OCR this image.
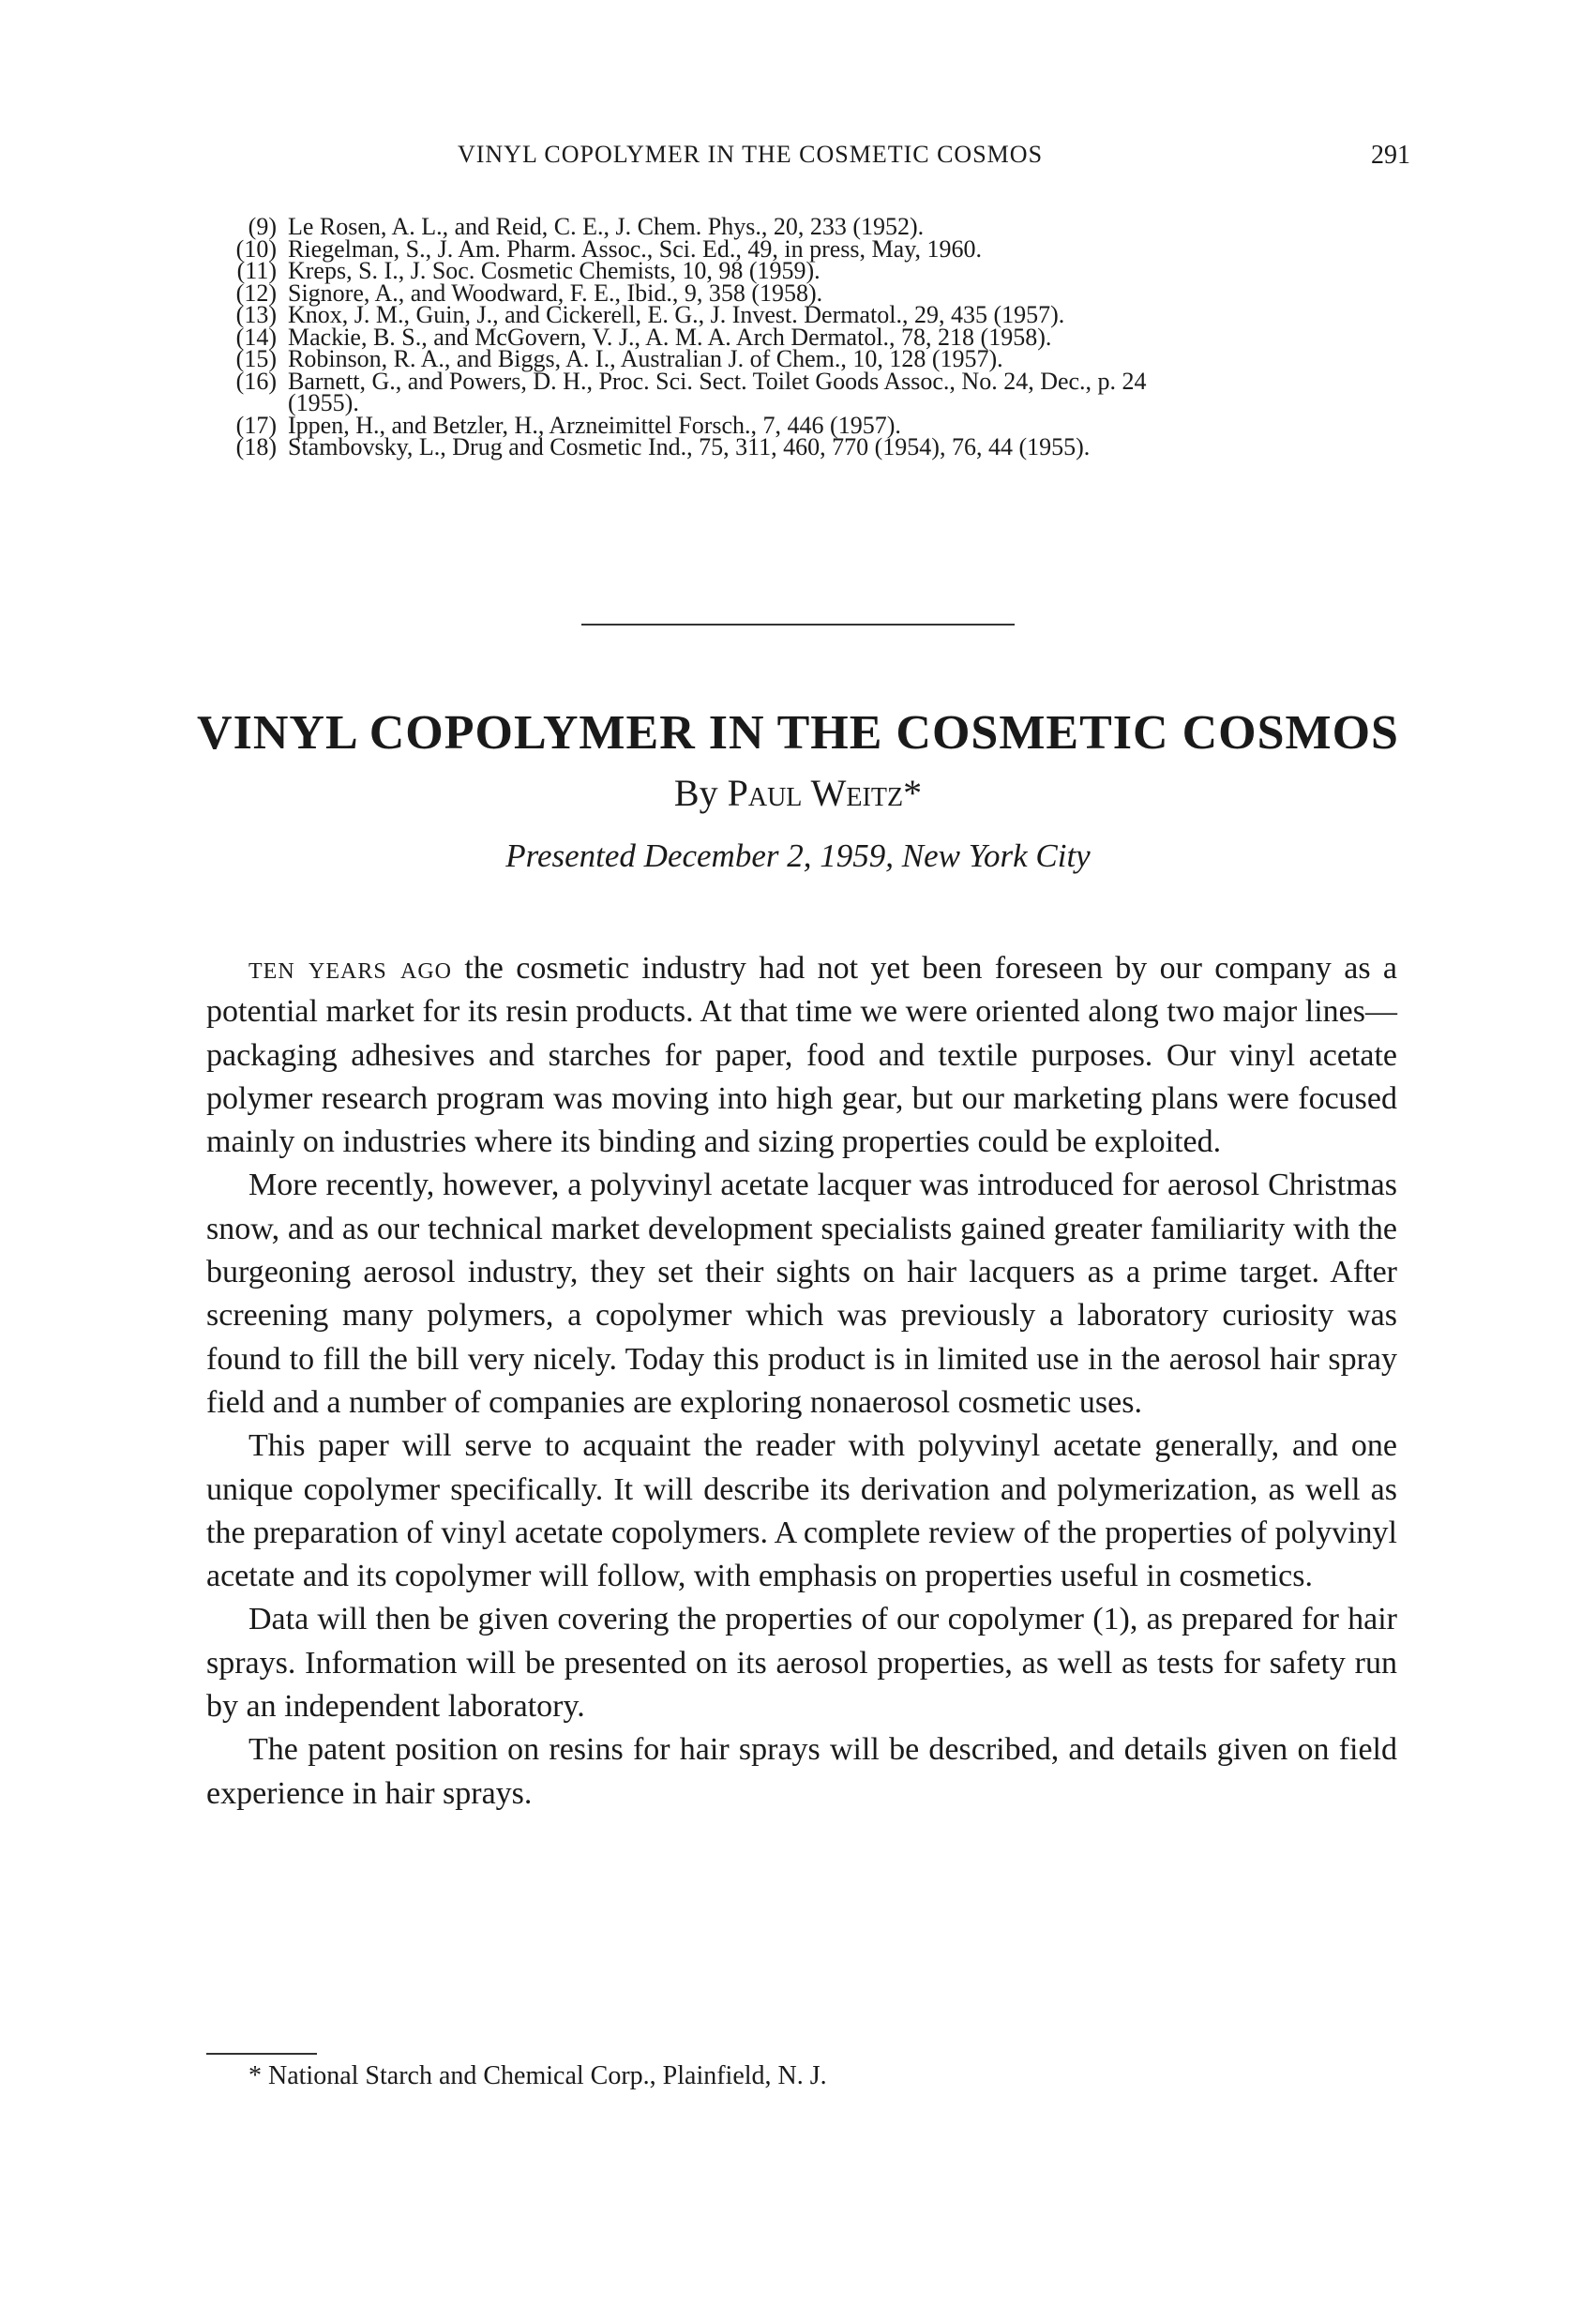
VINYL COPOLYMER IN THE COSMETIC COSMOS	291
(9) Le Rosen, A. L., and Reid, C. E., J. Chem. Phys., 20, 233 (1952).
(10) Riegelman, S., J. Am. Pharm. Assoc., Sci. Ed., 49, in press, May, 1960.
(11) Kreps, S. I., J. Soc. Cosmetic Chemists, 10, 98 (1959).
(12) Signore, A., and Woodward, F. E., Ibid., 9, 358 (1958).
(13) Knox, J. M., Guin, J., and Cickerell, E. G., J. Invest. Dermatol., 29, 435 (1957).
(14) Mackie, B. S., and McGovern, V. J., A. M. A. Arch Dermatol., 78, 218 (1958).
(15) Robinson, R. A., and Biggs, A. I., Australian J. of Chem., 10, 128 (1957).
(16) Barnett, G., and Powers, D. H., Proc. Sci. Sect. Toilet Goods Assoc., No. 24, Dec., p. 24
(1955).
(17) Ippen, H., and Betzler, H., Arzneimittel Forsch., 7, 446 (1957).
(18) Stambovsky, L., Drug and Cosmetic Ind., 75, 311, 460, 770 (1954), 76, 44 (1955).
VINYL COPOLYMER IN THE COSMETIC COSMOS
By Paul Weitz*
Presented December 2, 1959, New York City

ten years ago the cosmetic industry had not yet been foreseen by our company as a potential market for its resin products. At that time we were oriented along two major lines—packaging adhesives and starches for paper, food and textile purposes. Our vinyl acetate polymer research program was moving into high gear, but our marketing plans were focused mainly on industries where its binding and sizing properties could be exploited.

More recently, however, a polyvinyl acetate lacquer was introduced for aerosol Christmas snow, and as our technical market development specialists gained greater familiarity with the burgeoning aerosol industry, they set their sights on hair lacquers as a prime target. After screening many polymers, a copolymer which was previously a laboratory curiosity was found to fill the bill very nicely. Today this product is in limited use in the aerosol hair spray field and a number of companies are exploring nonaerosol cosmetic uses.

This paper will serve to acquaint the reader with polyvinyl acetate generally, and one unique copolymer specifically. It will describe its derivation and polymerization, as well as the preparation of vinyl acetate copolymers. A complete review of the properties of polyvinyl acetate and its copolymer will follow, with emphasis on properties useful in cosmetics.

Data will then be given covering the properties of our copolymer (1), as prepared for hair sprays. Information will be presented on its aerosol properties, as well as tests for safety run by an independent laboratory.

The patent position on resins for hair sprays will be described, and details given on field experience in hair sprays.

* National Starch and Chemical Corp., Plainfield, N. J.
